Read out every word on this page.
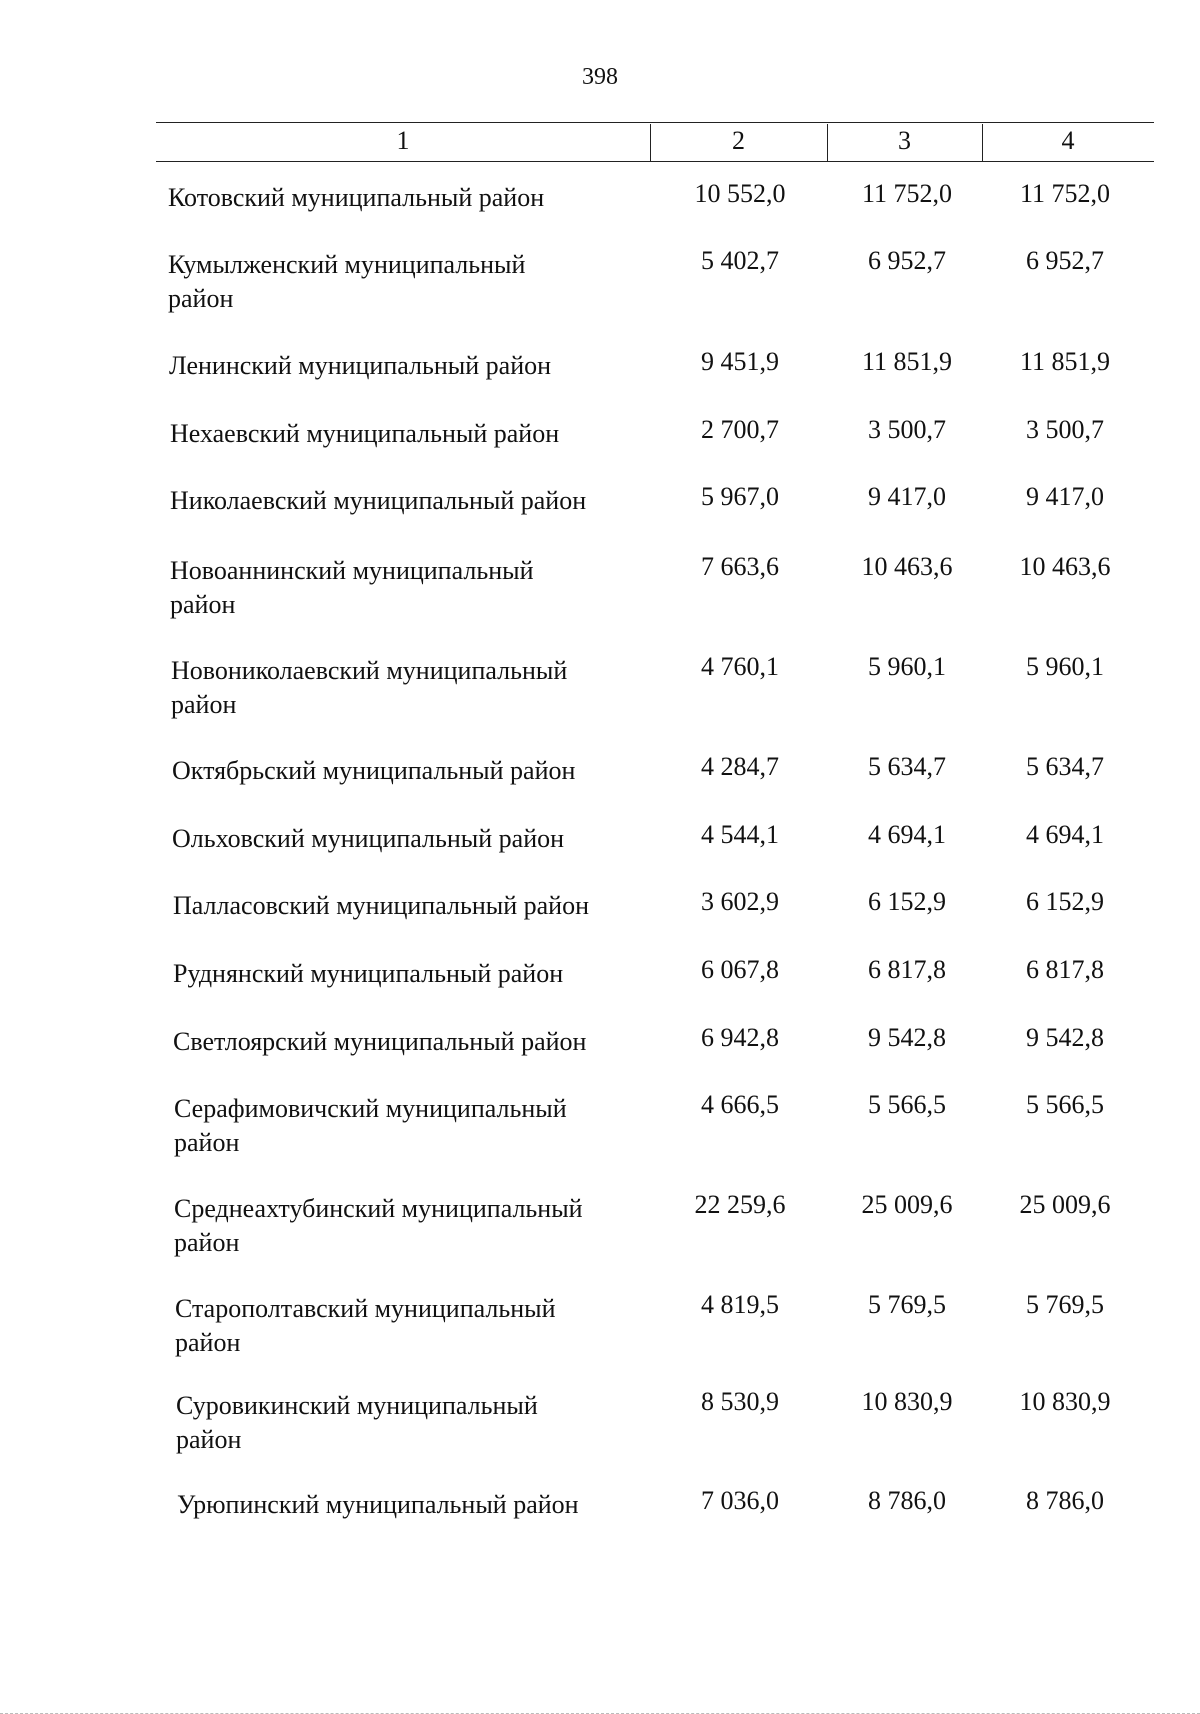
398
1	2	3	4
Котовский муниципальный район	10 552,0	11 752,0	11 752,0
Кумылженский муниципальный
район
5 402,7	6 952,7	6 952,7
Ленинский муниципальный район	9 451,9	11 851,9	11 851,9
Нехаевский муниципальный район	2 700,7	3 500,7	3 500,7
Николаевский муниципальный район	5 967,0	9 417,0	9 417,0
Новоаннинский муниципальный
район
7 663,6	10 463,6	10 463,6
Новониколаевский муниципальный
район
4 760,1	5 960,1	5 960,1
Октябрьский муниципальный район	4 284,7	5 634,7	5 634,7
Ольховский муниципальный район	4 544,1	4 694,1	4 694,1
Палласовский муниципальный район	3 602,9	6 152,9	6 152,9
Руднянский муниципальный район	6 067,8	6 817,8	6 817,8
Светлоярский муниципальный район	6 942,8	9 542,8	9 542,8
Серафимовичский муниципальный
район
4 666,5	5 566,5	5 566,5
Среднеахтубинский муниципальный
район
22 259,6	25 009,6	25 009,6
Старополтавский муниципальный
район
4 819,5	5 769,5	5 769,5
Суровикинский муниципальный
район
8 530,9	10 830,9	10 830,9
Урюпинский муниципальный район	7 036,0	8 786,0	8 786,0
